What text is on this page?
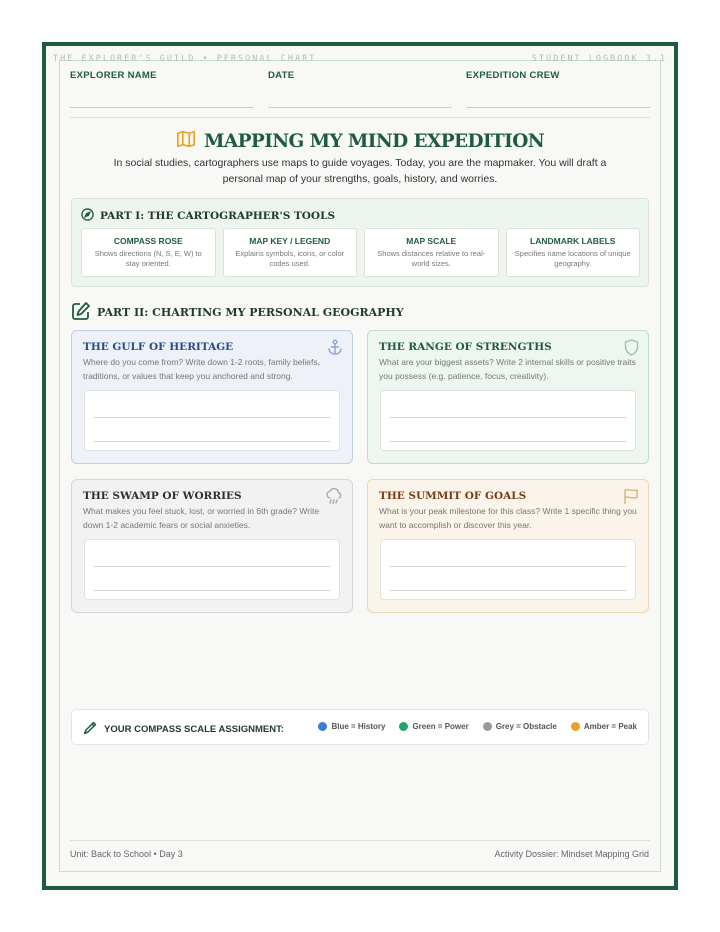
THE EXPLORER'S GUILD • PERSONAL CHART	STUDENT LOGBOOK 3.1
EXPLORER NAME	DATE	EXPEDITION CREW
MAPPING MY MIND EXPEDITION
In social studies, cartographers use maps to guide voyages. Today, you are the mapmaker. You will draft a personal map of your strengths, goals, history, and worries.
PART I: THE CARTOGRAPHER'S TOOLS
COMPASS ROSE
Shows directions (N, S, E, W) to stay oriented.
MAP KEY / LEGEND
Explains symbols, icons, or color codes used.
MAP SCALE
Shows distances relative to real-world sizes.
LANDMARK LABELS
Specifies name locations of unique geography.
PART II: CHARTING MY PERSONAL GEOGRAPHY
THE GULF OF HERITAGE
Where do you come from? Write down 1-2 roots, family beliefs, traditions, or values that keep you anchored and strong.
THE RANGE OF STRENGTHS
What are your biggest assets? Write 2 internal skills or positive traits you possess (e.g. patience, focus, creativity).
THE SWAMP OF WORRIES
What makes you feel stuck, lost, or worried in 6th grade? Write down 1-2 academic fears or social anxieties.
THE SUMMIT OF GOALS
What is your peak milestone for this class? Write 1 specific thing you want to accomplish or discover this year.
YOUR COMPASS SCALE ASSIGNMENT:	Blue = History	Green = Power	Grey = Obstacle	Amber = Peak
Unit: Back to School • Day 3	Activity Dossier: Mindset Mapping Grid
